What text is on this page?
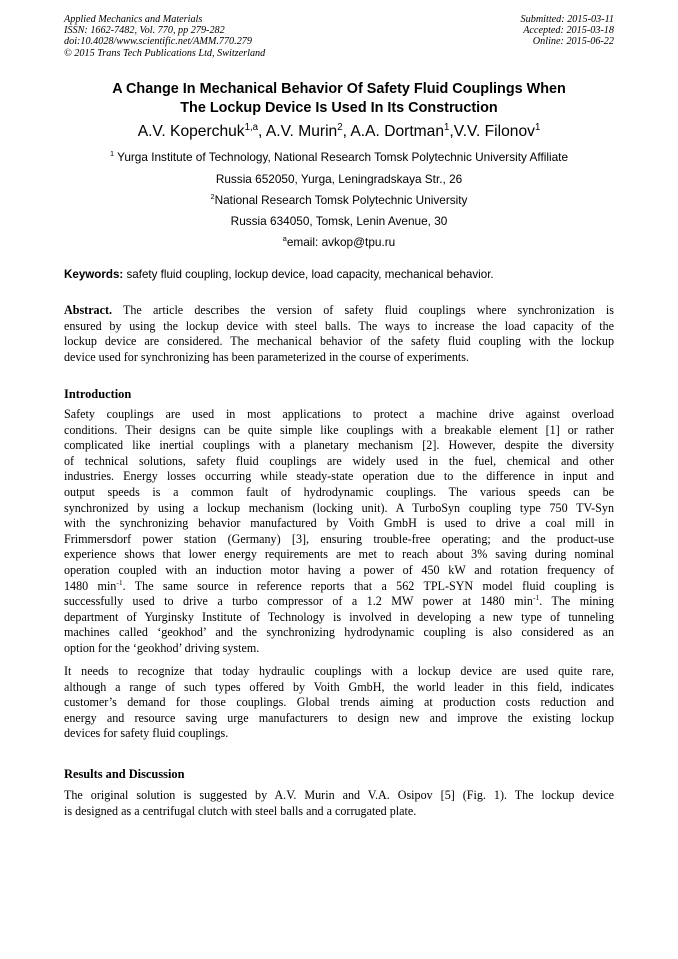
Applied Mechanics and Materials
ISSN: 1662-7482, Vol. 770, pp 279-282
doi:10.4028/www.scientific.net/AMM.770.279
© 2015 Trans Tech Publications Ltd, Switzerland
Submitted: 2015-03-11
Accepted: 2015-03-18
Online: 2015-06-22
A Change In Mechanical Behavior Of Safety Fluid Couplings When
The Lockup Device Is Used In Its Construction
A.V. Koperchuk$^{1,a}$, A.V. Murin$^2$, A.A. Dortman$^1$,V.V. Filonov$^1$
$^1$ Yurga Institute of Technology, National Research Tomsk Polytechnic University Affiliate
Russia 652050, Yurga, Leningradskaya Str., 26
$^2$National Research Tomsk Polytechnic University
Russia 634050, Tomsk, Lenin Avenue, 30
$^a$email: avkop@tpu.ru
Keywords: safety fluid coupling, lockup device, load capacity, mechanical behavior.
Abstract. The article describes the version of safety fluid couplings where synchronization is
ensured by using the lockup device with steel balls. The ways to increase the load capacity of the
lockup device are considered. The mechanical behavior of the safety fluid coupling with the lockup
device used for synchronizing has been parameterized in the course of experiments.
Introduction
Safety couplings are used in most applications to protect a machine drive against overload
conditions. Their designs can be quite simple like couplings with a breakable element [1] or rather
complicated like inertial couplings with a planetary mechanism [2]. However, despite the diversity
of technical solutions, safety fluid couplings are widely used in the fuel, chemical and other
industries. Energy losses occurring while steady-state operation due to the difference in input and
output speeds is a common fault of hydrodynamic couplings. The various speeds can be
synchronized by using a lockup mechanism (locking unit). A TurboSyn coupling type 750 TV-Syn
with the synchronizing behavior manufactured by Voith GmbH is used to drive a coal mill in
Frimmersdorf power station (Germany) [3], ensuring trouble-free operating; and the product-use
experience shows that lower energy requirements are met to reach about 3% saving during nominal
operation coupled with an induction motor having a power of 450 kW and rotation frequency of
1480 $\min^{-1}$. The same source in reference reports that a 562 TPL-SYN model fluid coupling is
successfully used to drive a turbo compressor of a 1.2 MW power at 1480 $\min^{-1}$. The mining
department of Yurginsky Institute of Technology is involved in developing a new type of tunneling
machines called ‘geokhod’ and the synchronizing hydrodynamic coupling is also considered as an
option for the ‘geokhod’ driving system.
It needs to recognize that today hydraulic couplings with a lockup device are used quite rare,
although a range of such types offered by Voith GmbH, the world leader in this field, indicates
customer’s demand for those couplings. Global trends aiming at production costs reduction and
energy and resource saving urge manufacturers to design new and improve the existing lockup
devices for safety fluid couplings.
Results and Discussion
The original solution is suggested by A.V. Murin and V.A. Osipov [5] (Fig. 1). The lockup device
is designed as a centrifugal clutch with steel balls and a corrugated plate.
